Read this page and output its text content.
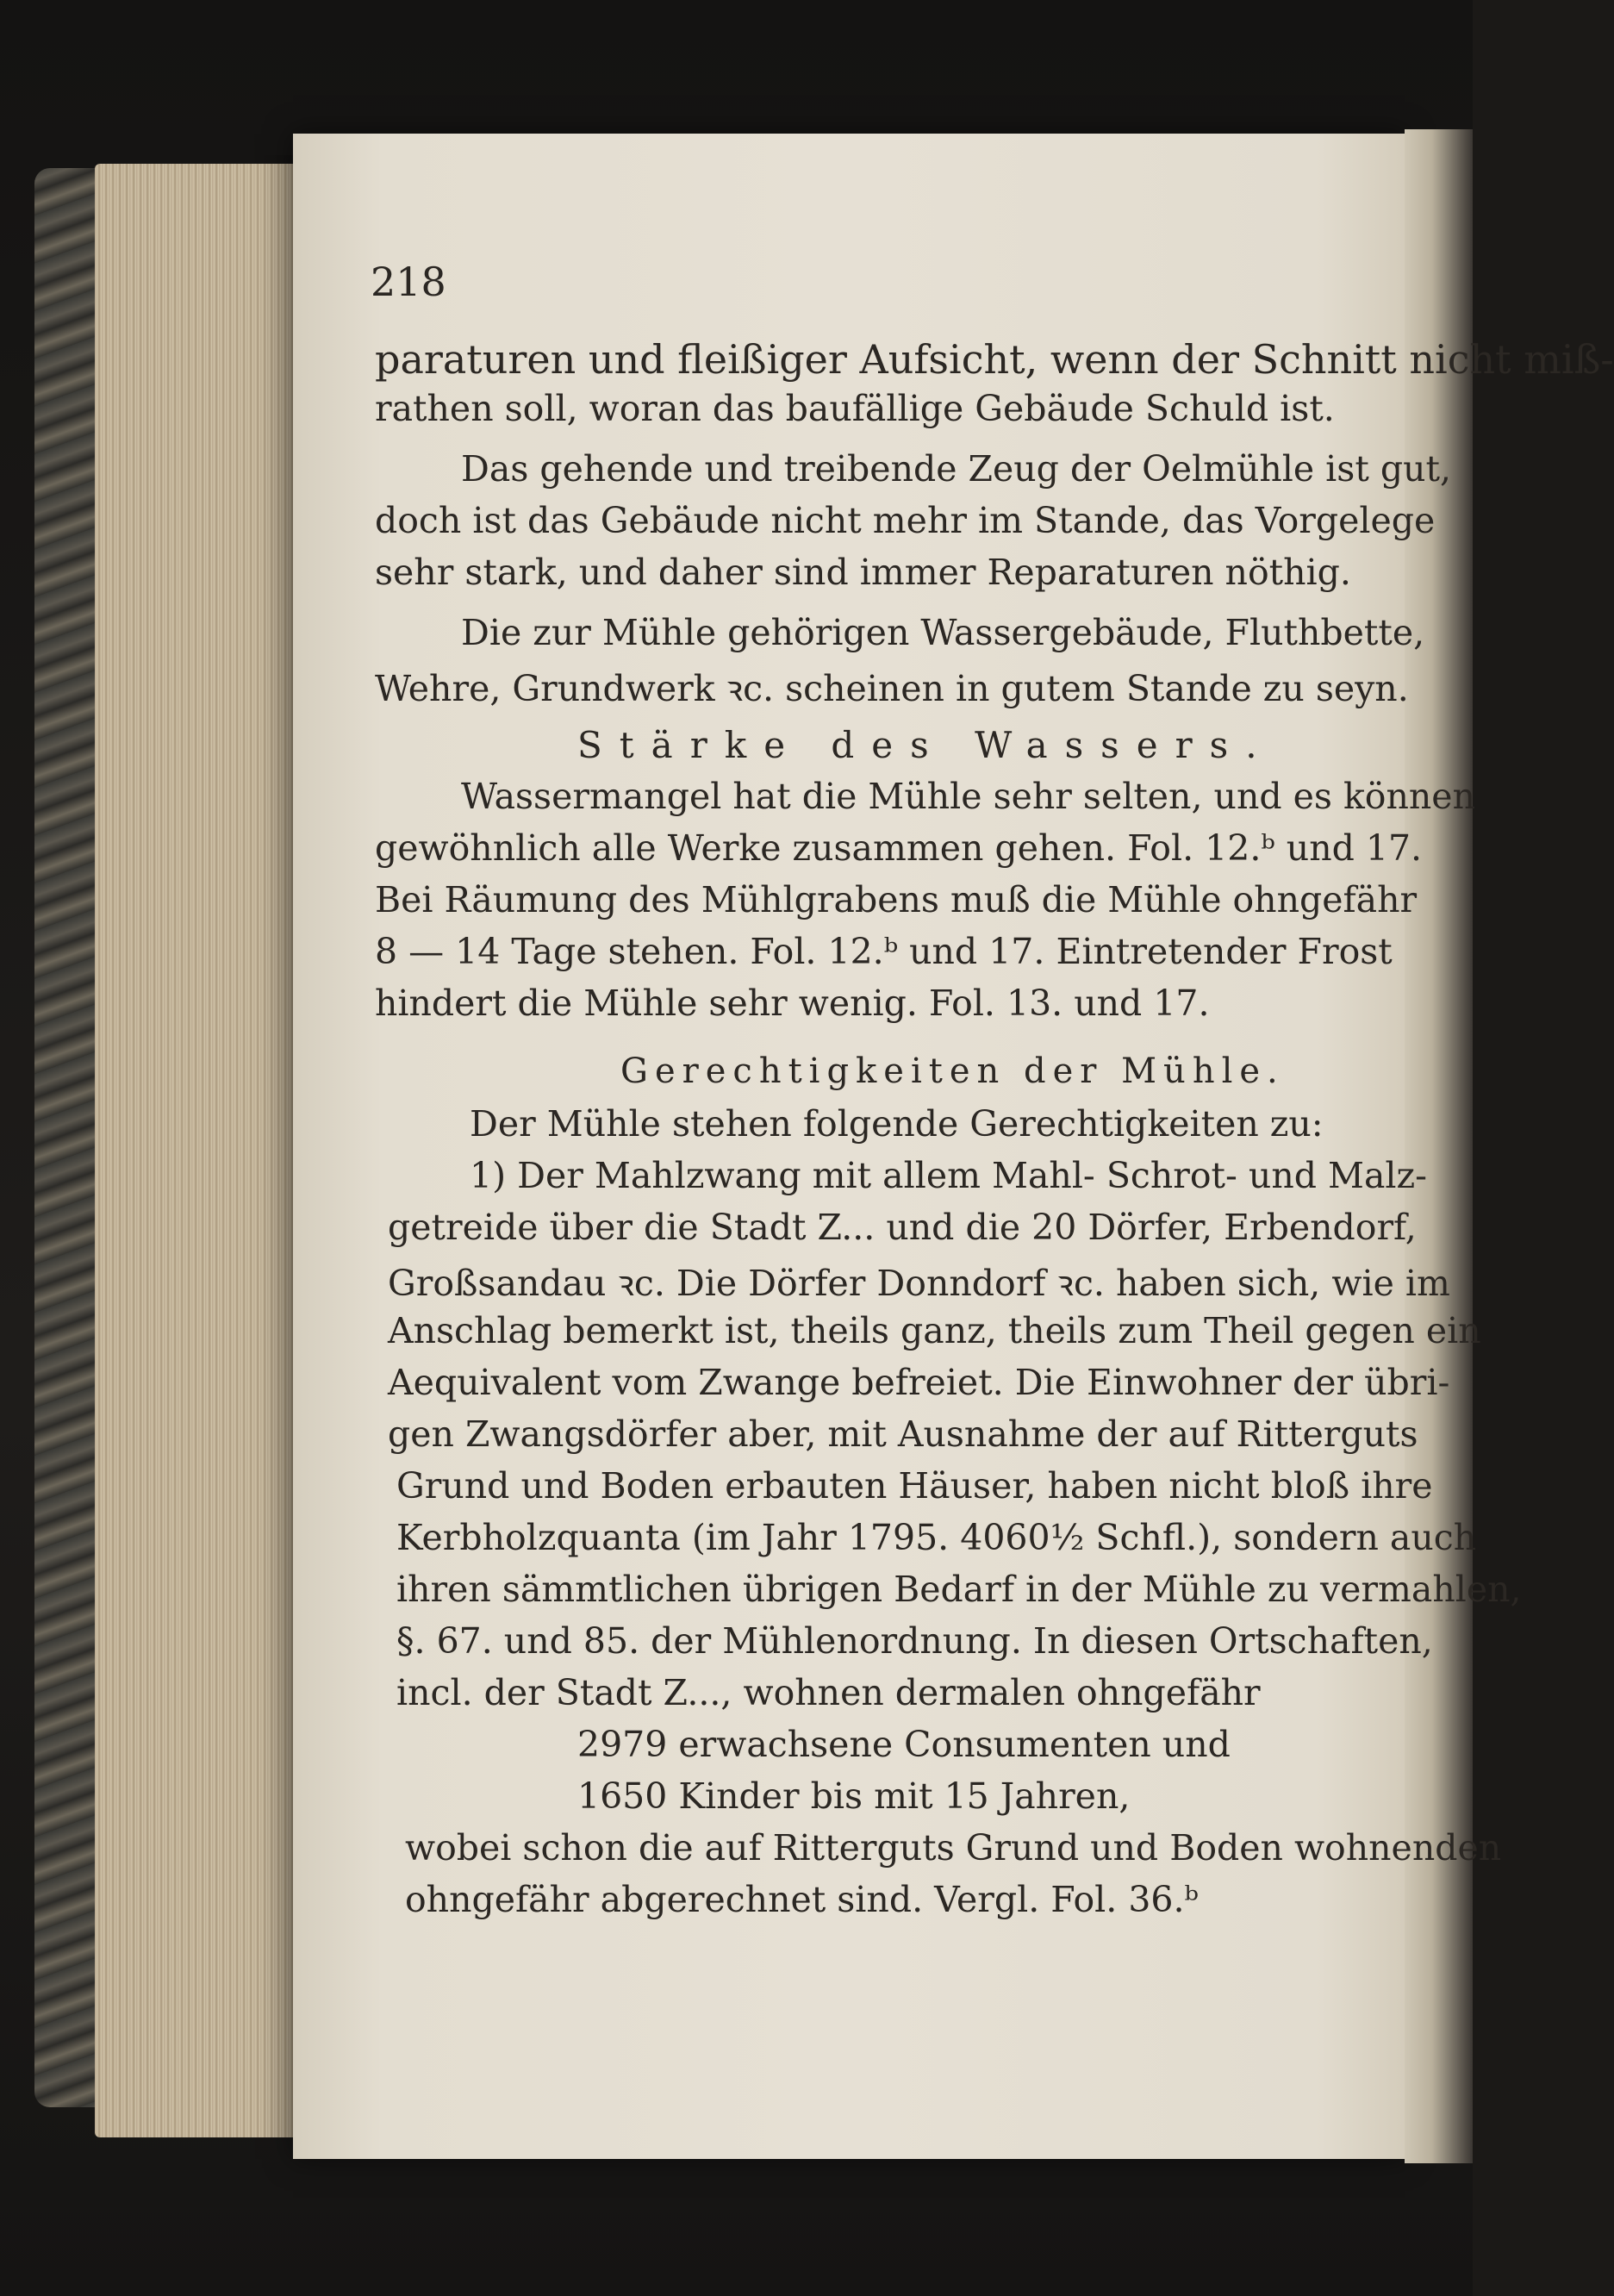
218
paraturen und fleißiger Aufsicht, wenn der Schnitt nicht miß-
rathen soll, woran das baufällige Gebäude Schuld ist.
Das gehende und treibende Zeug der Oelmühle ist gut,
doch ist das Gebäude nicht mehr im Stande, das Vorgelege
sehr stark, und daher sind immer Reparaturen nöthig.
Die zur Mühle gehörigen Wassergebäude, Fluthbette,
Wehre, Grundwerk ꝛc. scheinen in gutem Stande zu seyn.
Stärke des Wassers.
Wassermangel hat die Mühle sehr selten, und es können
gewöhnlich alle Werke zusammen gehen. Fol. 12.ᵇ und 17.
Bei Räumung des Mühlgrabens muß die Mühle ohngefähr
8 — 14 Tage stehen. Fol. 12.ᵇ und 17. Eintretender Frost
hindert die Mühle sehr wenig. Fol. 13. und 17.
Gerechtigkeiten der Mühle.
Der Mühle stehen folgende Gerechtigkeiten zu:
1) Der Mahlzwang mit allem Mahl- Schrot- und Malz-
getreide über die Stadt Z... und die 20 Dörfer, Erbendorf,
Großsandau ꝛc. Die Dörfer Donndorf ꝛc. haben sich, wie im
Anschlag bemerkt ist, theils ganz, theils zum Theil gegen ein
Aequivalent vom Zwange befreiet. Die Einwohner der übri-
gen Zwangsdörfer aber, mit Ausnahme der auf Ritterguts
Grund und Boden erbauten Häuser, haben nicht bloß ihre
Kerbholzquanta (im Jahr 1795. 4060½ Schfl.), sondern auch
ihren sämmtlichen übrigen Bedarf in der Mühle zu vermahlen,
§. 67. und 85. der Mühlenordnung. In diesen Ortschaften,
incl. der Stadt Z..., wohnen dermalen ohngefähr
2979 erwachsene Consumenten und
1650 Kinder bis mit 15 Jahren,
wobei schon die auf Ritterguts Grund und Boden wohnenden
ohngefähr abgerechnet sind. Vergl. Fol. 36.ᵇ
